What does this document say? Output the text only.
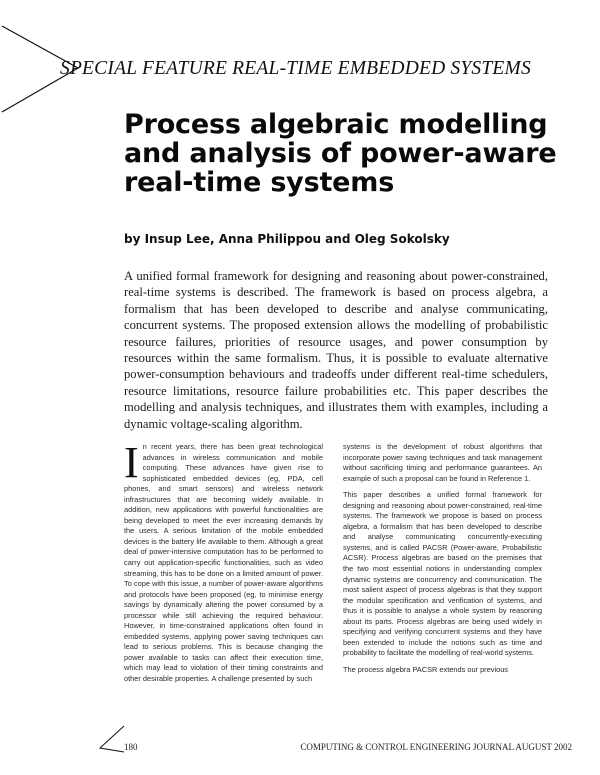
SPECIAL FEATURE REAL-TIME EMBEDDED SYSTEMS
Process algebraic modelling and analysis of power-aware real-time systems
by Insup Lee, Anna Philippou and Oleg Sokolsky

A unified formal framework for designing and reasoning about power-constrained, real-time systems is described. The framework is based on process algebra, a formalism that has been developed to describe and analyse communicating, concurrent systems. The proposed extension allows the modelling of probabilistic resource failures, priorities of resource usages, and power consumption by resources within the same formalism. Thus, it is possible to evaluate alternative power-consumption behaviours and tradeoffs under different real-time schedulers, resource limitations, resource failure probabilities etc. This paper describes the modelling and analysis techniques, and illustrates them with examples, including a dynamic voltage-scaling algorithm.

I n recent years, there has been great technological advances in wireless communication and mobile computing. These advances have given rise to sophisticated embedded devices (eg, PDA, cell phones, and smart sensors) and wireless network infrastructures that are becoming widely available. In addition, new applications with powerful functionalities are being developed to meet the ever increasing demands by the users. A serious limitation of the mobile embedded devices is the battery life available to them. Although a great deal of power-intensive computation has to be performed to carry out application-specific functionalities, such as video streaming, this has to be done on a limited amount of power. To cope with this issue, a number of power-aware algorithms and protocols have been proposed (eg, to minimise energy savings by dynamically altering the power consumed by a processor while still achieving the required behaviour. However, in time-constrained applications often found in embedded systems, applying power saving techniques can lead to serious problems. This is because changing the power available to tasks can affect their execution time, which may lead to violation of their timing constraints and other desirable properties. A challenge presented by such

systems is the development of robust algorithms that incorporate power saving techniques and task management without sacrificing timing and performance guarantees. An example of such a proposal can be found in Reference 1.

This paper describes a unified formal framework for designing and reasoning about power-constrained, real-time systems. The framework we propose is based on process algebra, a formalism that has been developed to describe and analyse communicating concurrently-executing systems, and is called PACSR (Power-aware, Probabilistic ACSR). Process algebras are based on the premises that the two most essential notions in understanding complex dynamic systems are concurrency and communication. The most salient aspect of process algebras is that they support the modular specification and verification of systems, and thus it is possible to analyse a whole system by reasoning about its parts. Process algebras are being used widely in specifying and verifying concurrent systems and they have been extended to include the notions such as time and probability to facilitate the modelling of real-world systems.

The process algebra PACSR extends our previous

180	COMPUTING & CONTROL ENGINEERING JOURNAL AUGUST 2002
